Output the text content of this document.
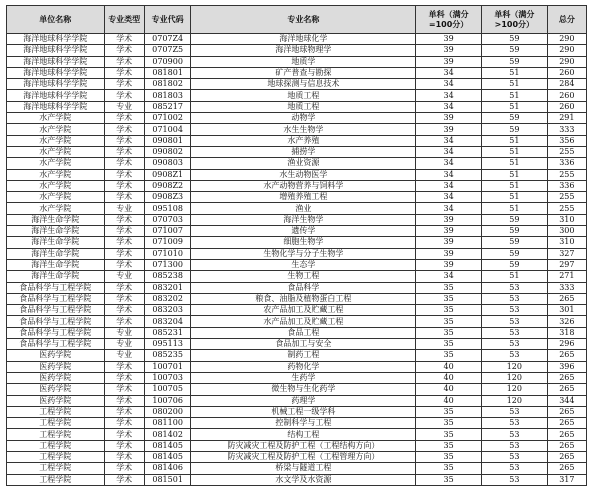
单位名称	专业类型	专业代码	专业名称	单科（满分=100分）	单科（满分>100分）	总分
海洋地球科学学院	学术	0707Z4	海洋地球化学	39	59	290
海洋地球科学学院	学术	0707Z5	海洋地球物理学	39	59	290
海洋地球科学学院	学术	070900	地质学	39	59	290
海洋地球科学学院	学术	081801	矿产普查与勘探	34	51	260
海洋地球科学学院	学术	081802	地球探测与信息技术	34	51	284
海洋地球科学学院	学术	081803	地质工程	34	51	260
海洋地球科学学院	专业	085217	地质工程	34	51	260
水产学院	学术	071002	动物学	39	59	291
水产学院	学术	071004	水生生物学	39	59	333
水产学院	学术	090801	水产养殖	34	51	356
水产学院	学术	090802	捕捞学	34	51	255
水产学院	学术	090803	渔业资源	34	51	336
水产学院	学术	0908Z1	水生动物医学	34	51	255
水产学院	学术	0908Z2	水产动物营养与饲料学	34	51	336
水产学院	学术	0908Z3	增殖养殖工程	34	51	255
水产学院	专业	095108	渔业	34	51	255
海洋生命学院	学术	070703	海洋生物学	39	59	310
海洋生命学院	学术	071007	遗传学	39	59	300
海洋生命学院	学术	071009	细胞生物学	39	59	310
海洋生命学院	学术	071010	生物化学与分子生物学	39	59	327
海洋生命学院	学术	071300	生态学	39	59	297
海洋生命学院	专业	085238	生物工程	34	51	271
食品科学与工程学院	学术	083201	食品科学	35	53	333
食品科学与工程学院	学术	083202	粮食、油脂及植物蛋白工程	35	53	265
食品科学与工程学院	学术	083203	农产品加工及贮藏工程	35	53	301
食品科学与工程学院	学术	083204	水产品加工及贮藏工程	35	53	326
食品科学与工程学院	专业	085231	食品工程	35	53	318
食品科学与工程学院	专业	095113	食品加工与安全	35	53	296
医药学院	专业	085235	制药工程	35	53	265
医药学院	学术	100701	药物化学	40	120	396
医药学院	学术	100703	生药学	40	120	265
医药学院	学术	100705	微生物与生化药学	40	120	265
医药学院	学术	100706	药理学	40	120	344
工程学院	学术	080200	机械工程一级学科	35	53	265
工程学院	学术	081100	控制科学与工程	35	53	265
工程学院	学术	081402	结构工程	35	53	265
工程学院	学术	081405	防灾减灾工程及防护工程（工程结构方向）	35	53	265
工程学院	学术	081405	防灾减灾工程及防护工程（工程管理方向）	35	53	265
工程学院	学术	081406	桥梁与隧道工程	35	53	265
工程学院	学术	081501	水文学及水资源	35	53	317
